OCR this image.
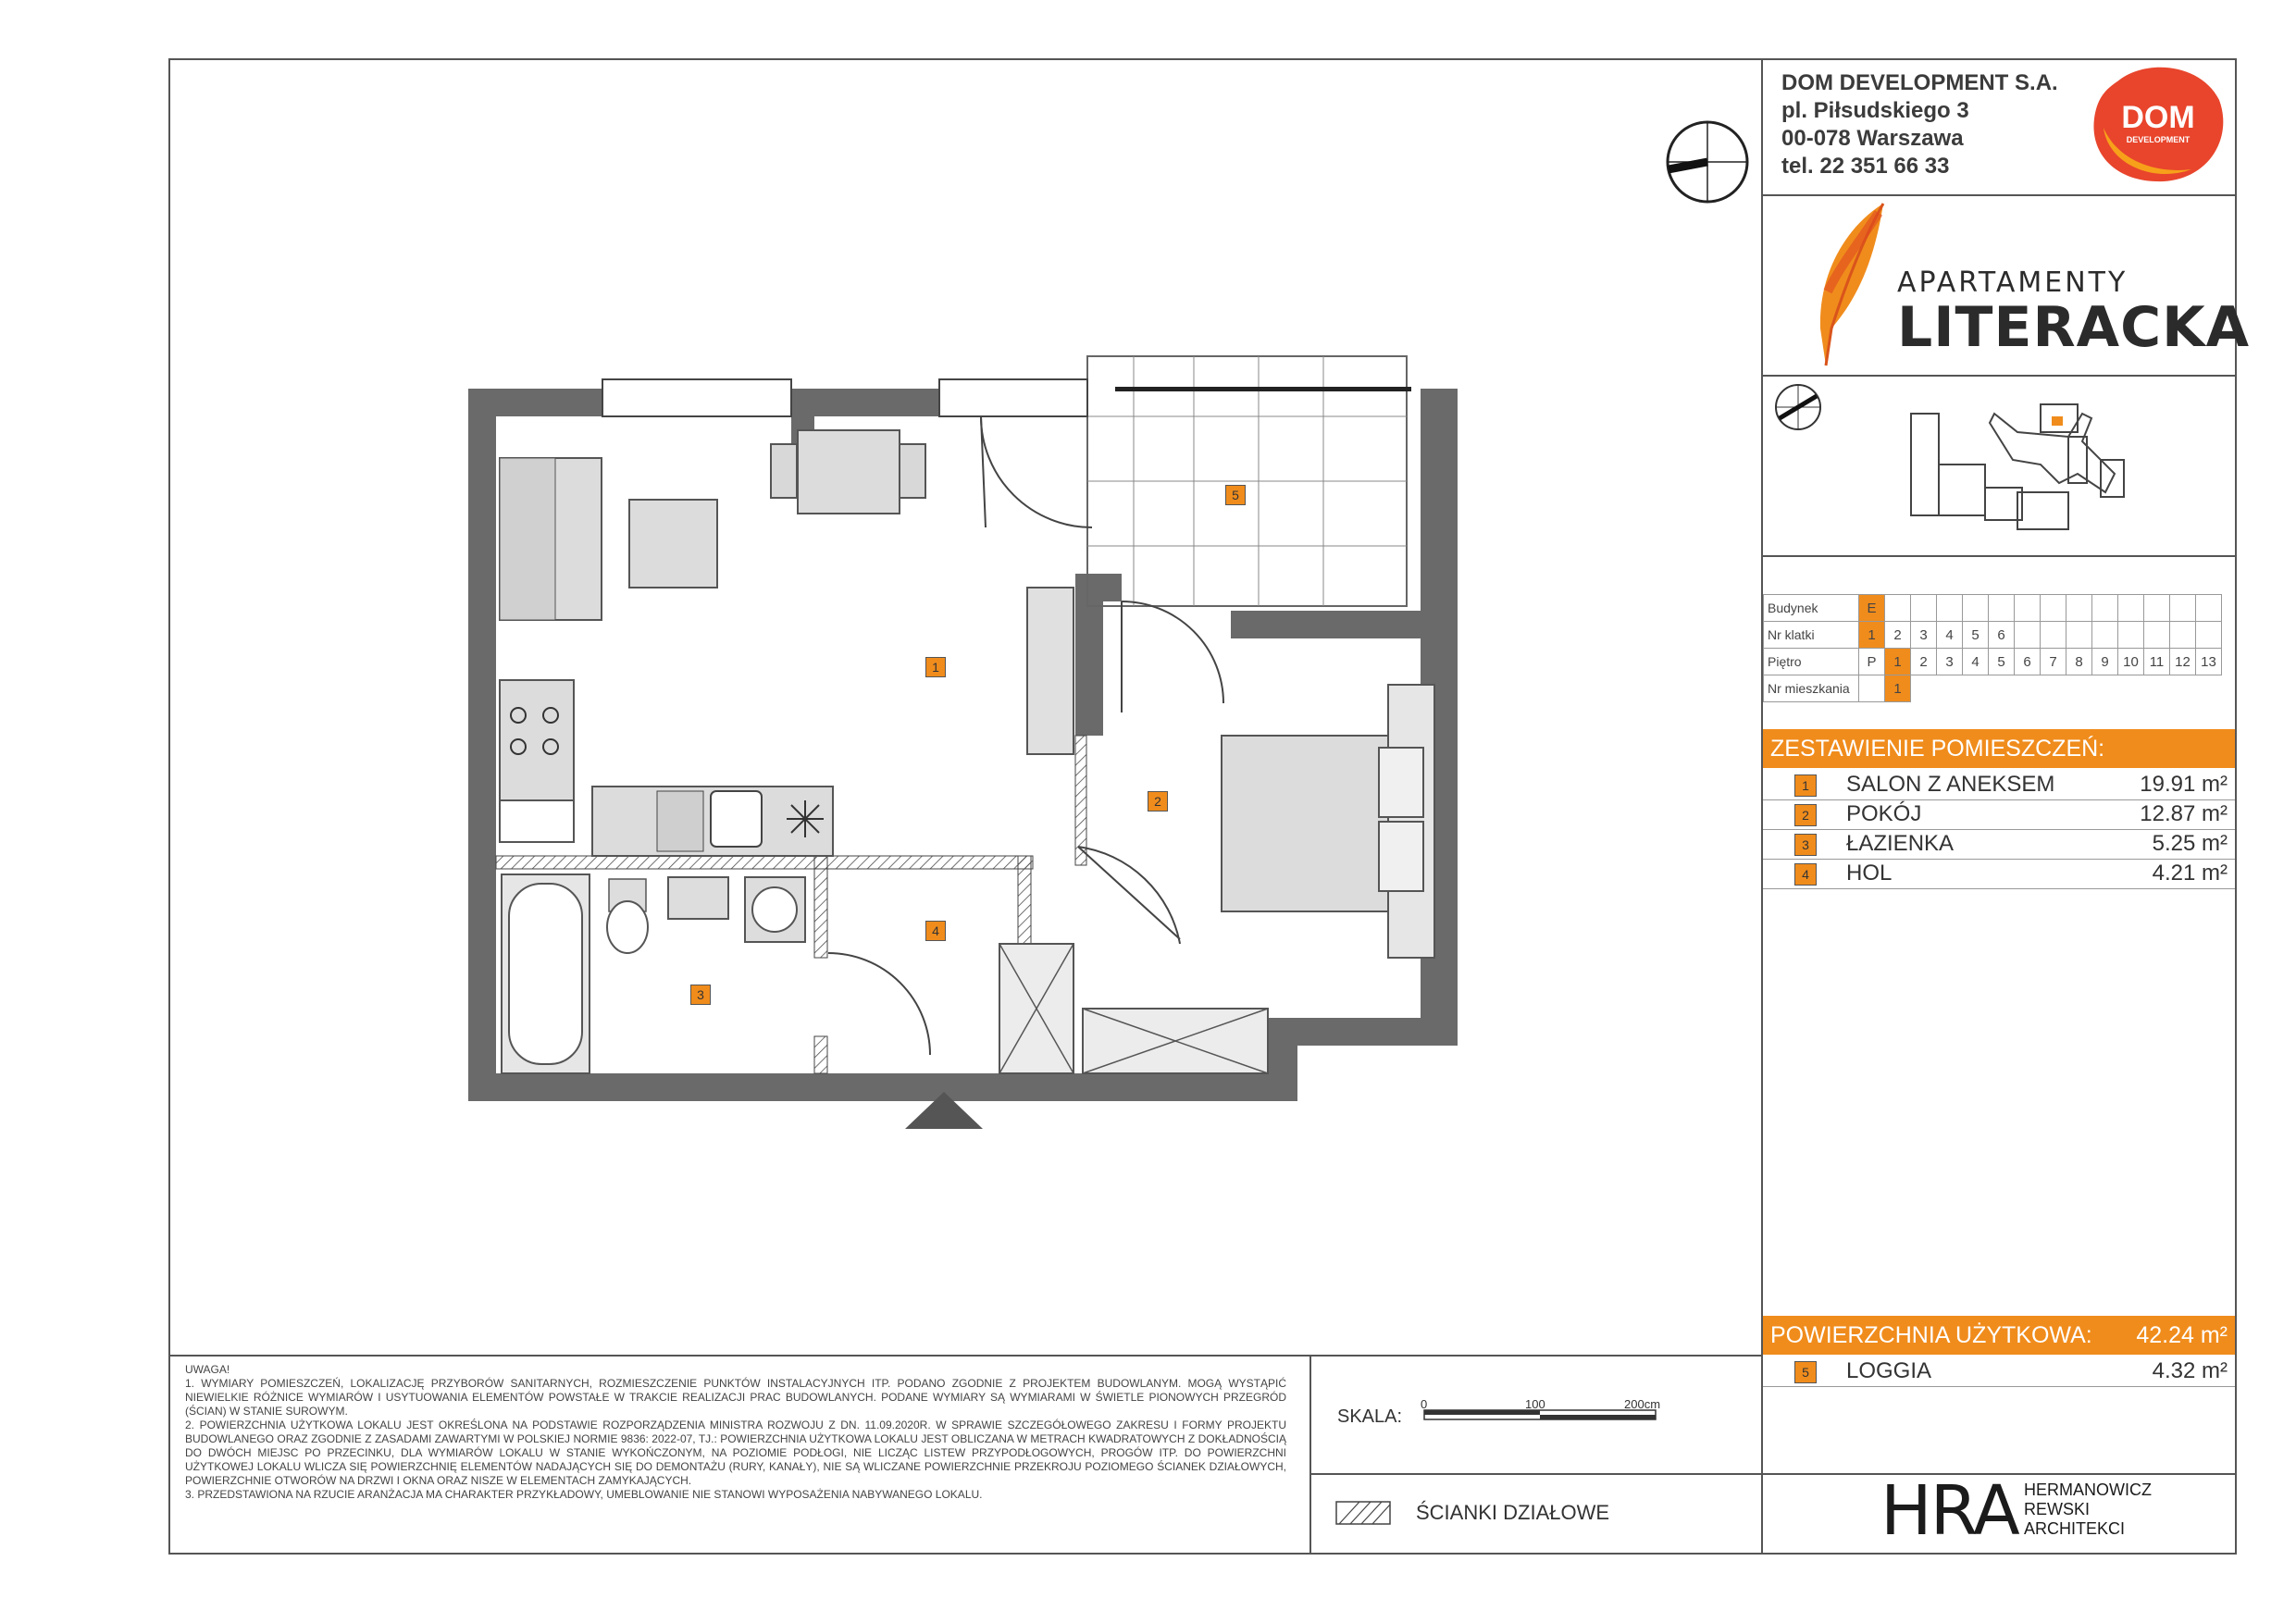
DOM DEVELOPMENT S.A.
pl. Piłsudskiego 3
00-078 Warszawa
tel. 22 351 66 33
DOM
DEVELOPMENT
APARTAMENTY
LITERACKA
Budynek	E													
Nr klatki	1	2	3	4	5	6								
Piętro	P	1	2	3	4	5	6	7	8	9	10	11	12	13
Nr mieszkania		1												
ZESTAWIENIE POMIESZCZEŃ:
1	SALON Z ANEKSEM	19.91 m²
2	POKÓJ	12.87 m²
3	ŁAZIENKA	5.25 m²
4	HOL	4.21 m²
POWIERZCHNIA UŻYTKOWA: 42.24 m²
5	LOGGIA	4.32 m²
1
2
3
4
5

UWAGA!

1. WYMIARY POMIESZCZEŃ, LOKALIZACJĘ PRZYBORÓW SANITARNYCH, ROZMIESZCZENIE PUNKTÓW INSTALACYJNYCH ITP. PODANO ZGODNIE Z PROJEKTEM BUDOWLANYM. MOGĄ WYSTĄPIĆ NIEWIELKIE RÓŻNICE WYMIARÓW I USYTUOWANIA ELEMENTÓW POWSTAŁE W TRAKCIE REALIZACJI PRAC BUDOWLANYCH. PODANE WYMIARY SĄ WYMIARAMI W ŚWIETLE PIONOWYCH PRZEGRÓD (ŚCIAN) W STANIE SUROWYM.

2. POWIERZCHNIA UŻYTKOWA LOKALU JEST OKREŚLONA NA PODSTAWIE ROZPORZĄDZENIA MINISTRA ROZWOJU Z DN. 11.09.2020R. W SPRAWIE SZCZEGÓŁOWEGO ZAKRESU I FORMY PROJEKTU BUDOWLANEGO ORAZ ZGODNIE Z ZASADAMI ZAWARTYMI W POLSKIEJ NORMIE 9836: 2022-07, TJ.: POWIERZCHNIA UŻYTKOWA LOKALU JEST OBLICZANA W METRACH KWADRATOWYCH Z DOKŁADNOŚCIĄ DO DWÓCH MIEJSC PO PRZECINKU, DLA WYMIARÓW LOKALU W STANIE WYKOŃCZONYM, NA POZIOMIE PODŁOGI, NIE LICZĄC LISTEW PRZYPODŁOGOWYCH, PROGÓW ITP. DO POWIERZCHNI UŻYTKOWEJ LOKALU WLICZA SIĘ POWIERZCHNIĘ ELEMENTÓW NADAJĄCYCH SIĘ DO DEMONTAŻU (RURY, KANAŁY), NIE SĄ WLICZANE POWIERZCHNIE PRZEKROJU POZIOMEGO ŚCIANEK DZIAŁOWYCH, POWIERZCHNIE OTWORÓW NA DRZWI I OKNA ORAZ NISZE W ELEMENTACH ZAMYKAJĄCYCH.

3. PRZEDSTAWIONA NA RZUCIE ARANŻACJA MA CHARAKTER PRZYKŁADOWY, UMEBLOWANIE NIE STANOWI WYPOSAŻENIA NABYWANEGO LOKALU.

SKALA:
0	100	200cm
ŚCIANKI DZIAŁOWE	HRA HERMANOWICZ
REWSKI
ARCHITEKCI
